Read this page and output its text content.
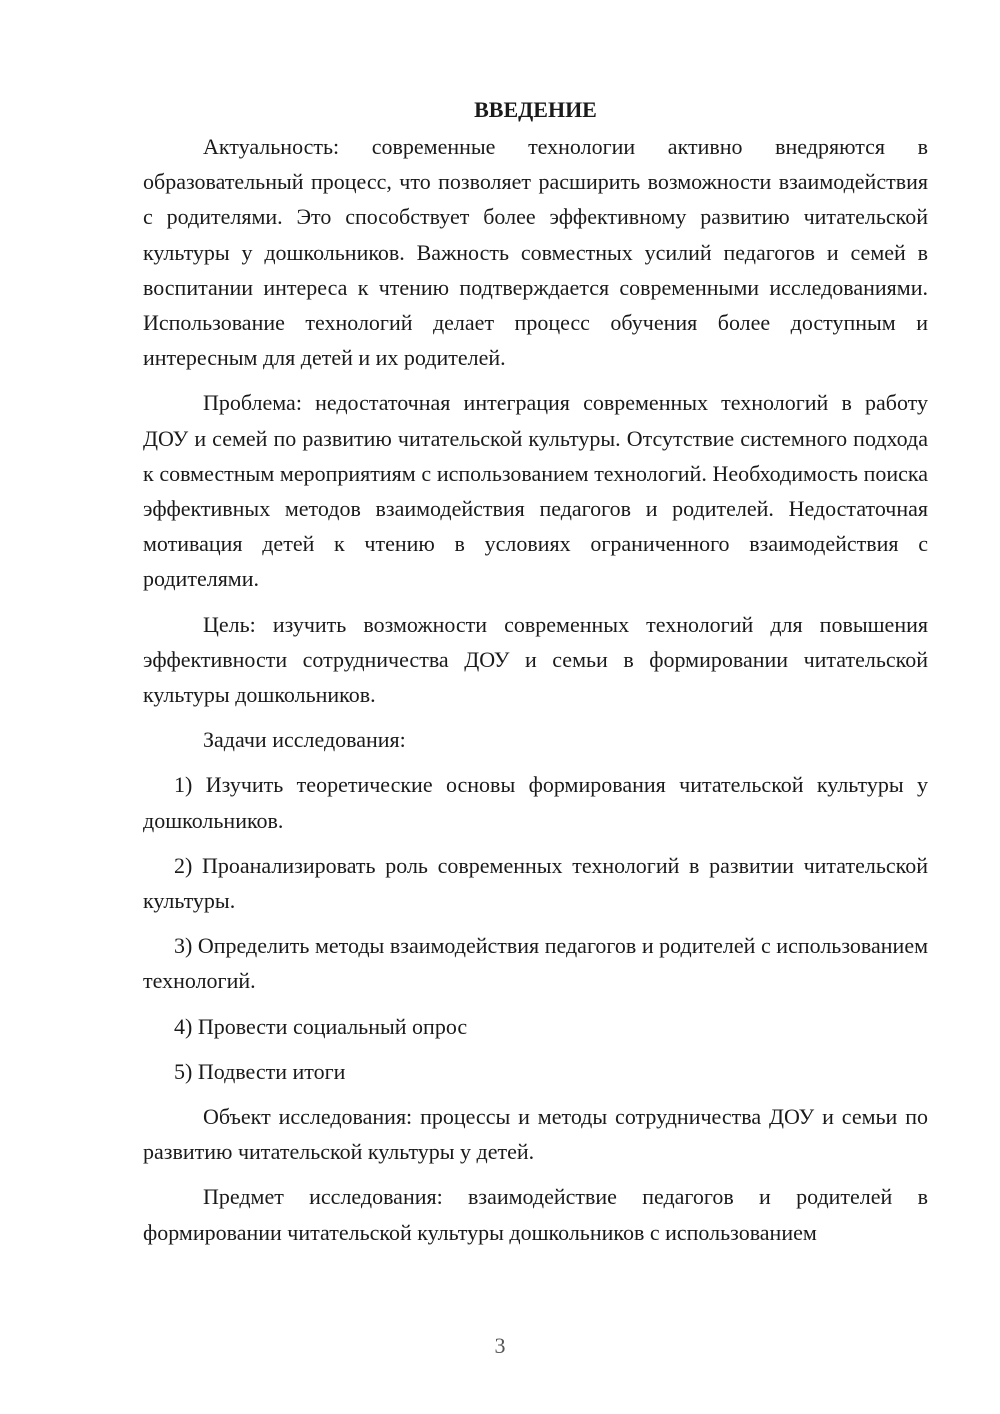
ВВЕДЕНИЕ

Актуальность: современные технологии активно внедряются в образовательный процесс, что позволяет расширить возможности взаимодействия с родителями. Это способствует более эффективному развитию читательской культуры у дошкольников. Важность совместных усилий педагогов и семей в воспитании интереса к чтению подтверждается современными исследованиями. Использование технологий делает процесс обучения более доступным и интересным для детей и их родителей.

Проблема: недостаточная интеграция современных технологий в работу ДОУ и семей по развитию читательской культуры. Отсутствие системного подхода к совместным мероприятиям с использованием технологий. Необходимость поиска эффективных методов взаимодействия педагогов и родителей. Недостаточная мотивация детей к чтению в условиях ограниченного взаимодействия с родителями.

Цель: изучить возможности современных технологий для повышения эффективности сотрудничества ДОУ и семьи в формировании читательской культуры дошкольников.

Задачи исследования:

1) Изучить теоретические основы формирования читательской культуры у дошкольников.

2) Проанализировать роль современных технологий в развитии читательской культуры.

3) Определить методы взаимодействия педагогов и родителей с использованием технологий.

4) Провести социальный опрос

5) Подвести итоги

Объект исследования: процессы и методы сотрудничества ДОУ и семьи по развитию читательской культуры у детей.

Предмет исследования: взаимодействие педагогов и родителей в формировании читательской культуры дошкольников с использованием

3
